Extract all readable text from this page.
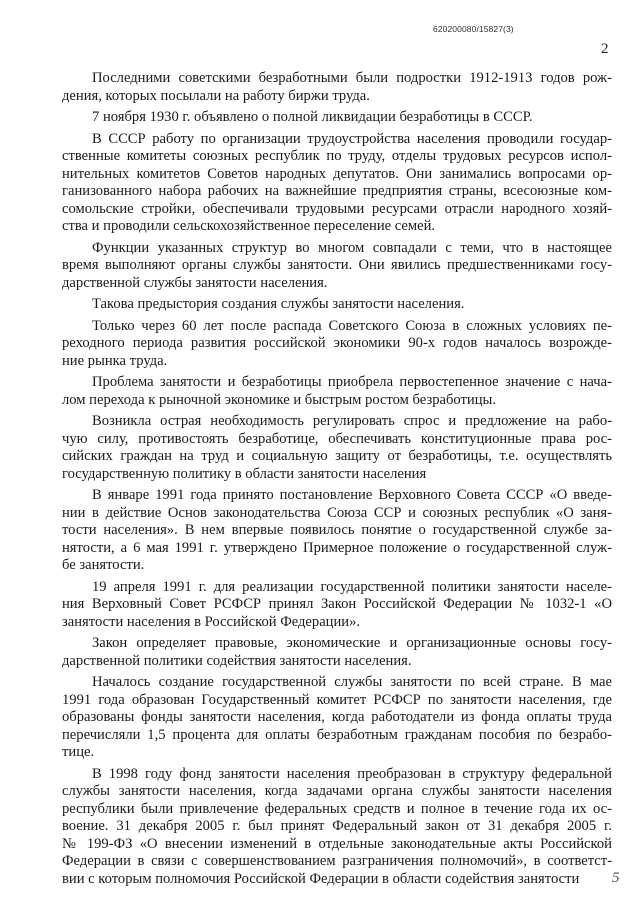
620200080/15827(3)
2
Последними советскими безработными были подростки 1912-1913 годов рож-
дения, которых посылали на работу биржи труда.
7 ноября 1930 г. объявлено о полной ликвидации безработицы в СССР.
В СССР работу по организации трудоустройства населения проводили государ-
ственные комитеты союзных республик по труду, отделы трудовых ресурсов испол-
нительных комитетов Советов народных депутатов. Они занимались вопросами ор-
ганизованного набора рабочих на важнейшие предприятия страны, всесоюзные ком-
сомольские стройки, обеспечивали трудовыми ресурсами отрасли народного хозяй-
ства и проводили сельскохозяйственное переселение семей.
Функции указанных структур во многом совпадали с теми, что в настоящее
время выполняют органы службы занятости. Они явились предшественниками госу-
дарственной службы занятости населения.
Такова предыстория создания службы занятости населения.
Только через 60 лет после распада Советского Союза в сложных условиях пе-
реходного периода развития российской экономики 90-х годов началось возрожде-
ние рынка труда.
Проблема занятости и безработицы приобрела первостепенное значение с нача-
лом перехода к рыночной экономике и быстрым ростом безработицы.
Возникла острая необходимость регулировать спрос и предложение на рабо-
чую силу, противостоять безработице, обеспечивать конституционные права рос-
сийских граждан на труд и социальную защиту от безработицы, т.е. осуществлять
государственную политику в области занятости населения
В январе 1991 года принято постановление Верховного Совета СССР «О введе-
нии в действие Основ законодательства Союза ССР и союзных республик «О заня-
тости населения». В нем впервые появилось понятие о государственной службе за-
нятости, а 6 мая 1991 г. утверждено Примерное положение о государственной служ-
бе занятости.
19 апреля 1991 г. для реализации государственной политики занятости населе-
ния Верховный Совет РСФСР принял Закон Российской Федерации № 1032-1 «О
занятости населения в Российской Федерации».
Закон определяет правовые, экономические и организационные основы госу-
дарственной политики содействия занятости населения.
Началось создание государственной службы занятости по всей стране. В мае
1991 года образован Государственный комитет РСФСР по занятости населения, где
образованы фонды занятости населения, когда работодатели из фонда оплаты труда
перечисляли 1,5 процента для оплаты безработным гражданам пособия по безрабо-
тице.
В 1998 году фонд занятости населения преобразован в структуру федеральной
службы занятости населения, когда задачами органа службы занятости населения
республики были привлечение федеральных средств и полное в течение года их ос-
воение. 31 декабря 2005 г. был принят Федеральный закон от 31 декабря 2005 г.
№ 199-ФЗ «О внесении изменений в отдельные законодательные акты Российской
Федерации в связи с совершенствованием разграничения полномочий», в соответст-
вии с которым полномочия Российской Федерации в области содействия занятости	5
